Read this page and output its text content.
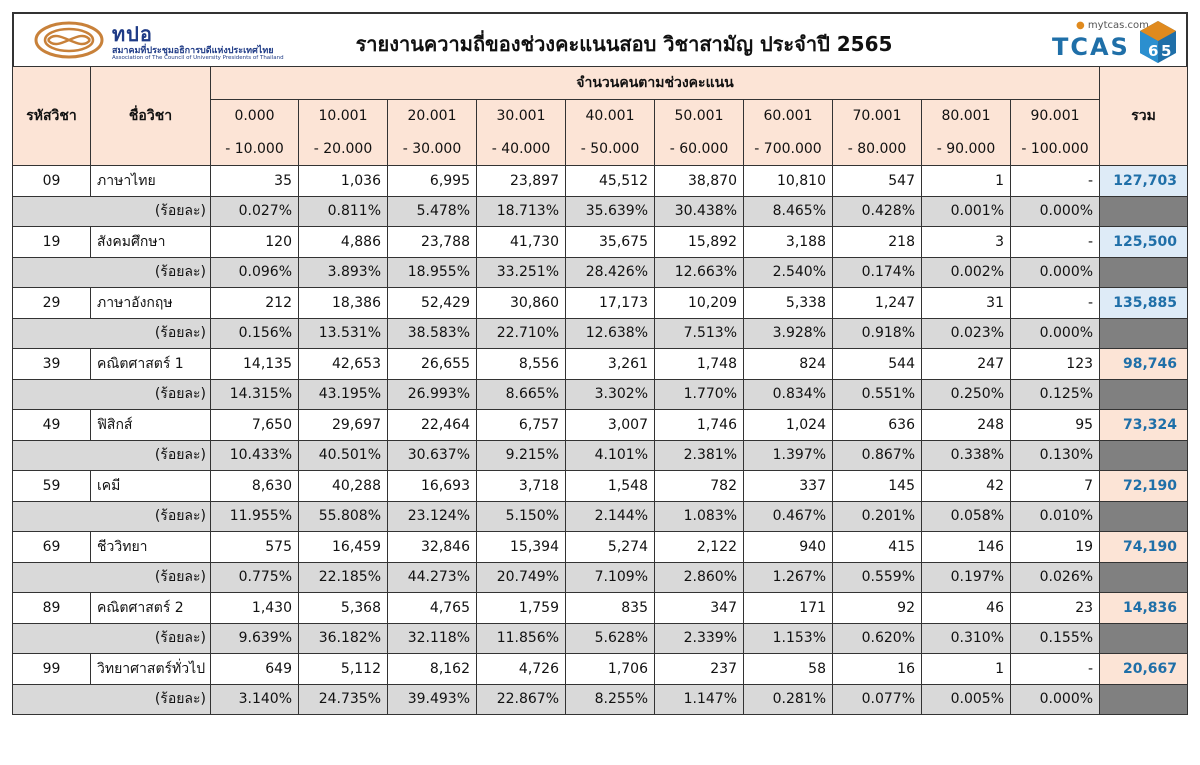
ทปอ
สมาคมที่ประชุมอธิการบดีแห่งประเทศไทย
Association of The Council of University Presidents of Thailand
รายงานความถี่ของช่วงคะแนนสอบ วิชาสามัญ ประจำปี 2565
● mytcas.com
TCAS 6 5
รหัสวิชา	ชื่อวิชา	จำนวนคนตามช่วงคะแนน										รวม
		0.000	10.001	20.001	30.001	40.001	50.001	60.001	70.001	80.001	90.001	
		- 10.000	- 20.000	- 30.000	- 40.000	- 50.000	- 60.000	- 700.000	- 80.000	- 90.000	- 100.000	
09	ภาษาไทย	35	1,036	6,995	23,897	45,512	38,870	10,810	547	1	-	127,703
(ร้อยละ)		0.027%	0.811%	5.478%	18.713%	35.639%	30.438%	8.465%	0.428%	0.001%	0.000%	
19	สังคมศึกษา	120	4,886	23,788	41,730	35,675	15,892	3,188	218	3	-	125,500
(ร้อยละ)		0.096%	3.893%	18.955%	33.251%	28.426%	12.663%	2.540%	0.174%	0.002%	0.000%	
29	ภาษาอังกฤษ	212	18,386	52,429	30,860	17,173	10,209	5,338	1,247	31	-	135,885
(ร้อยละ)		0.156%	13.531%	38.583%	22.710%	12.638%	7.513%	3.928%	0.918%	0.023%	0.000%	
39	คณิตศาสตร์ 1	14,135	42,653	26,655	8,556	3,261	1,748	824	544	247	123	98,746
(ร้อยละ)		14.315%	43.195%	26.993%	8.665%	3.302%	1.770%	0.834%	0.551%	0.250%	0.125%	
49	ฟิสิกส์	7,650	29,697	22,464	6,757	3,007	1,746	1,024	636	248	95	73,324
(ร้อยละ)		10.433%	40.501%	30.637%	9.215%	4.101%	2.381%	1.397%	0.867%	0.338%	0.130%	
59	เคมี	8,630	40,288	16,693	3,718	1,548	782	337	145	42	7	72,190
(ร้อยละ)		11.955%	55.808%	23.124%	5.150%	2.144%	1.083%	0.467%	0.201%	0.058%	0.010%	
69	ชีววิทยา	575	16,459	32,846	15,394	5,274	2,122	940	415	146	19	74,190
(ร้อยละ)		0.775%	22.185%	44.273%	20.749%	7.109%	2.860%	1.267%	0.559%	0.197%	0.026%	
89	คณิตศาสตร์ 2	1,430	5,368	4,765	1,759	835	347	171	92	46	23	14,836
(ร้อยละ)		9.639%	36.182%	32.118%	11.856%	5.628%	2.339%	1.153%	0.620%	0.310%	0.155%	
99	วิทยาศาสตร์ทั่วไป	649	5,112	8,162	4,726	1,706	237	58	16	1	-	20,667
(ร้อยละ)		3.140%	24.735%	39.493%	22.867%	8.255%	1.147%	0.281%	0.077%	0.005%	0.000%	
